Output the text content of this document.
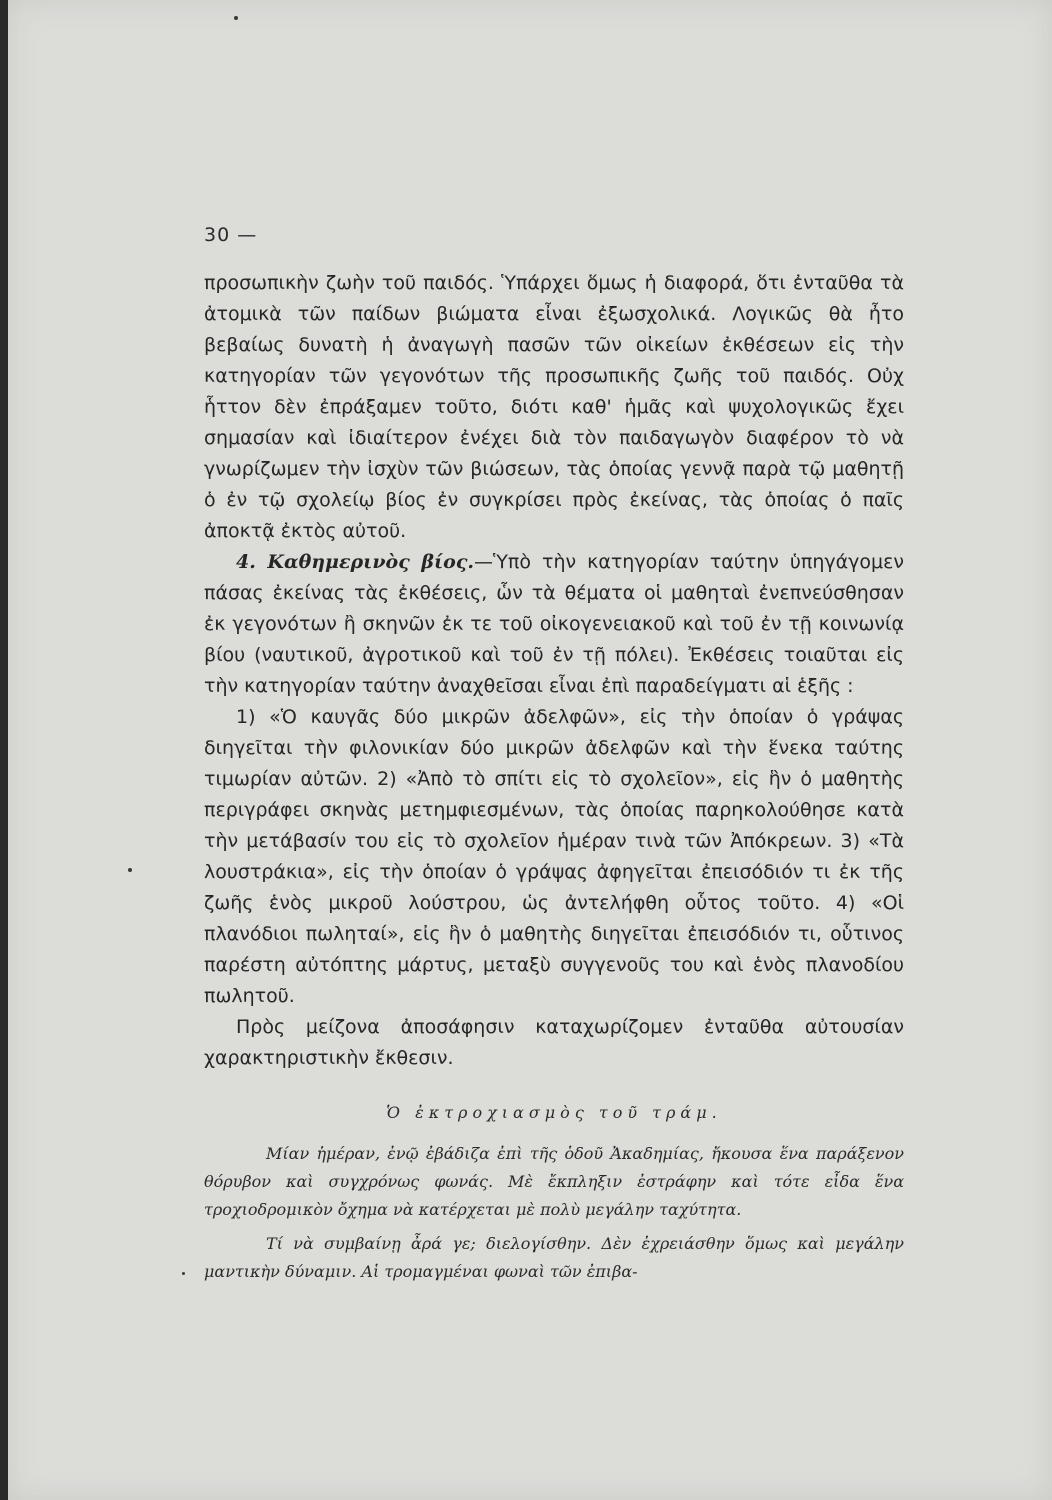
30 —

προσωπικὴν ζωὴν τοῦ παιδός. Ὑπάρχει ὅμως ἡ διαφορά, ὅτι ἐνταῦθα τὰ ἀτομικὰ τῶν παίδων βιώματα εἶναι ἐξωσχολικά. Λογικῶς θὰ ἦτο βεβαίως δυνατὴ ἡ ἀναγωγὴ πασῶν τῶν οἰκείων ἐκθέσεων εἰς τὴν κατηγορίαν τῶν γεγονότων τῆς προσωπικῆς ζωῆς τοῦ παιδός. Οὐχ ἧττον δὲν ἐπράξαμεν τοῦτο, διότι καθ' ἡμᾶς καὶ ψυχολογικῶς ἔχει σημασίαν καὶ ἰδιαίτερον ἐνέχει διὰ τὸν παιδαγωγὸν διαφέρον τὸ νὰ γνωρίζωμεν τὴν ἰσχὺν τῶν βιώσεων, τὰς ὁποίας γεννᾷ παρὰ τῷ μαθητῇ ὁ ἐν τῷ σχολείῳ βίος ἐν συγκρίσει πρὸς ἐκείνας, τὰς ὁποίας ὁ παῖς ἀποκτᾷ ἐκτὸς αὐτοῦ.

4. Καθημερινὸς βίος.—Ὑπὸ τὴν κατηγορίαν ταύτην ὑπηγάγομεν πάσας ἐκείνας τὰς ἐκθέσεις, ὧν τὰ θέματα οἱ μαθηταὶ ἐνεπνεύσθησαν ἐκ γεγονότων ἢ σκηνῶν ἐκ τε τοῦ οἰκογενειακοῦ καὶ τοῦ ἐν τῇ κοινωνίᾳ βίου (ναυτικοῦ, ἀγροτικοῦ καὶ τοῦ ἐν τῇ πόλει). Ἐκθέσεις τοιαῦται εἰς τὴν κατηγορίαν ταύτην ἀναχθεῖσαι εἶναι ἐπὶ παραδείγματι αἱ ἑξῆς :

1) «Ὁ καυγᾶς δύο μικρῶν ἀδελφῶν», εἰς τὴν ὁποίαν ὁ γράψας διηγεῖται τὴν φιλονικίαν δύο μικρῶν ἀδελφῶν καὶ τὴν ἕνεκα ταύτης τιμωρίαν αὐτῶν. 2) «Ἀπὸ τὸ σπίτι εἰς τὸ σχολεῖον», εἰς ἣν ὁ μαθητὴς περιγράφει σκηνὰς μετημφιεσμένων, τὰς ὁποίας παρηκολούθησε κατὰ τὴν μετάβασίν του εἰς τὸ σχολεῖον ἡμέραν τινὰ τῶν Ἀπόκρεων. 3) «Τὰ λουστράκια», εἰς τὴν ὁποίαν ὁ γράψας ἀφηγεῖται ἐπεισόδιόν τι ἐκ τῆς ζωῆς ἑνὸς μικροῦ λούστρου, ὡς ἀντελήφθη οὗτος τοῦτο. 4) «Οἱ πλανόδιοι πωληταί», εἰς ἣν ὁ μαθητὴς διηγεῖται ἐπεισόδιόν τι, οὗτινος παρέστη αὐτόπτης μάρτυς, μεταξὺ συγγενοῦς του καὶ ἑνὸς πλανοδίου πωλητοῦ.

Πρὸς μείζονα ἀποσάφησιν καταχωρίζομεν ἐνταῦθα αὐτουσίαν χαρακτηριστικὴν ἔκθεσιν.

Ὁ ἐκτροχιασμὸς τοῦ τράμ.

Μίαν ἡμέραν, ἐνῷ ἐβάδιζα ἐπὶ τῆς ὁδοῦ Ἀκαδημίας, ἤκουσα ἕνα παράξενον θόρυβον καὶ συγχρόνως φωνάς. Μὲ ἔκπληξιν ἐστράφην καὶ τότε εἶδα ἕνα τροχιοδρομικὸν ὄχημα νὰ κατέρχεται μὲ πολὺ μεγάλην ταχύτητα.

Τί νὰ συμβαίνῃ ἆρά γε; διελογίσθην. Δὲν ἐχρειάσθην ὅμως καὶ μεγάλην μαντικὴν δύναμιν. Αἱ τρομαγμέναι φωναὶ τῶν ἐπιβα-
